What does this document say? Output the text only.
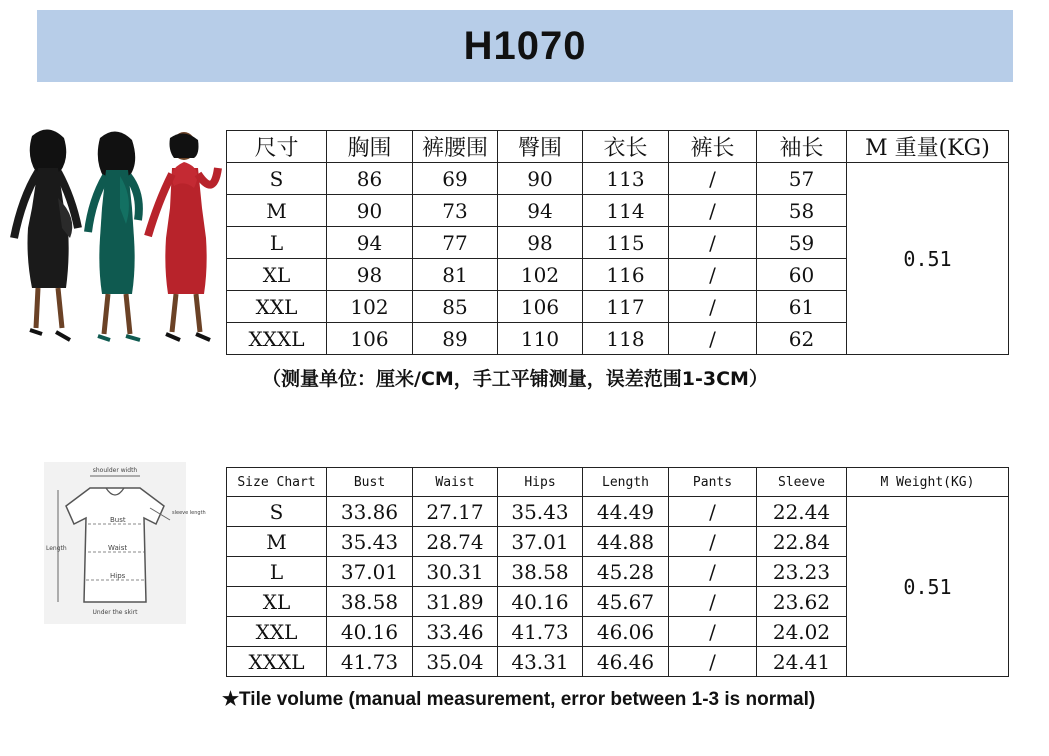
H1070
尺寸	胸围	裤腰围	臀围	衣长	裤长	袖长	M 重量(KG)
S	86	69	90	113	/	57	0.51
M	90	73	94	114	/	58	
L	94	77	98	115	/	59	
XL	98	81	102	116	/	60	
XXL	102	85	106	117	/	61	
XXXL	106	89	110	118	/	62	
（测量单位：厘米/CM，手工平铺测量，误差范围1-3CM）
shoulder width
sleeve length
Bust
Waist
Hips
Length
Under the skirt
Size Chart	Bust	Waist	Hips	Length	Pants	Sleeve	M Weight(KG)
S	33.86	27.17	35.43	44.49	/	22.44	0.51
M	35.43	28.74	37.01	44.88	/	22.84	
L	37.01	30.31	38.58	45.28	/	23.23	
XL	38.58	31.89	40.16	45.67	/	23.62	
XXL	40.16	33.46	41.73	46.06	/	24.02	
XXXL	41.73	35.04	43.31	46.46	/	24.41	
★Tile volume (manual measurement, error between 1-3 is normal)
